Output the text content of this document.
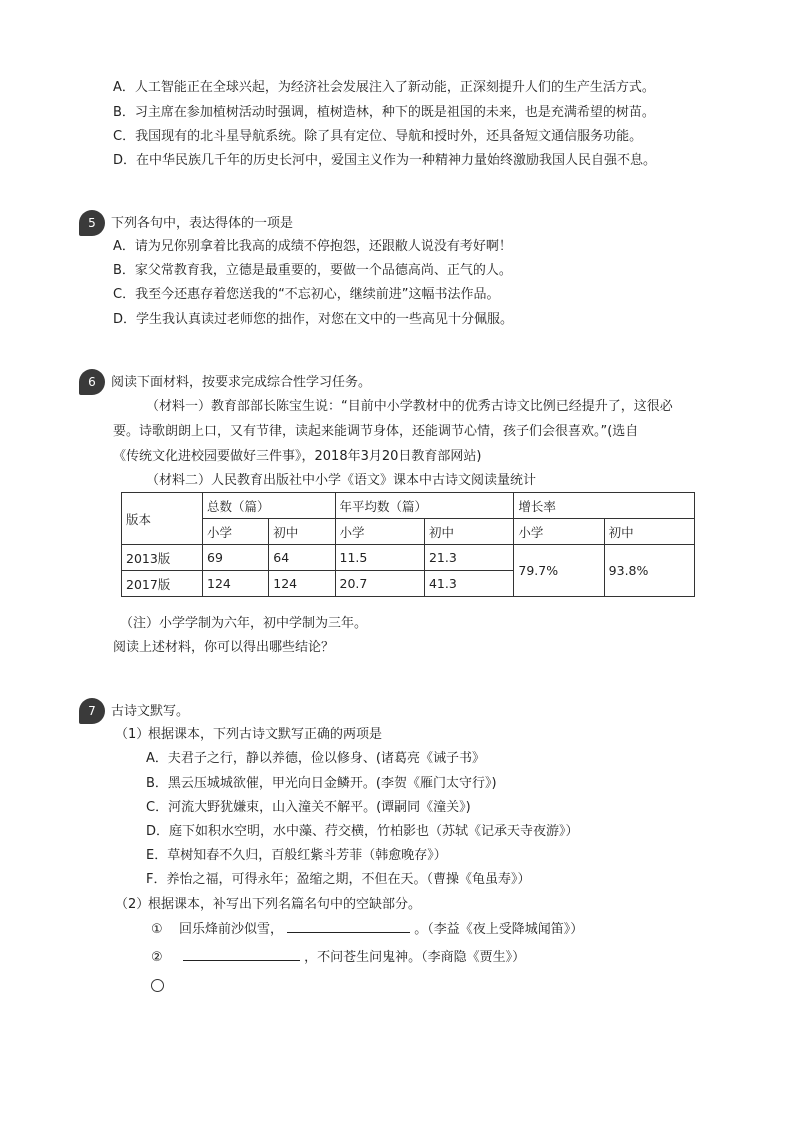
A．人工智能正在全球兴起，为经济社会发展注入了新动能，正深刻提升人们的生产生活方式。
B．习主席在参加植树活动时强调，植树造林，种下的既是祖国的未来，也是充满希望的树苗。
C．我国现有的北斗星导航系统。除了具有定位、导航和授时外，还具备短文通信服务功能。
D．在中华民族几千年的历史长河中，爱国主义作为一种精神力量始终激励我国人民自强不息。
5	下列各句中，表达得体的一项是
A．请为兄你别拿着比我高的成绩不停抱怨，还跟敝人说没有考好啊！
B．家父常教育我，立德是最重要的，要做一个品德高尚、正气的人。
C．我至今还惠存着您送我的“不忘初心，继续前进”这幅书法作品。
D．学生我认真读过老师您的拙作，对您在文中的一些高见十分佩服。
6	阅读下面材料，按要求完成综合性学习任务。
（材料一）教育部部长陈宝生说：“目前中小学教材中的优秀古诗文比例已经提升了，这很必
要。诗歌朗朗上口，又有节律，读起来能调节身体，还能调节心情，孩子们会很喜欢。”(选自
《传统文化进校园要做好三件事》，2018年3月20日教育部网站)
（材料二）人民教育出版社中小学《语文》课本中古诗文阅读量统计
版本	总数（篇）		年平均数（篇）		增长率	
	小学	初中	小学	初中	小学	初中
2013版	69	64	11.5	21.3	79.7%	93.8%
2017版	124	124	20.7	41.3		
（注）小学学制为六年，初中学制为三年。
阅读上述材料，你可以得出哪些结论？
7	古诗文默写。
（1）
根据课本，下列古诗文默写正确的两项是
A．夫君子之行，静以养德，俭以修身、(诸葛亮《诫子书》
B．黑云压城城欲催，甲光向日金鳞开。(李贺《雁门太守行》)
C．河流大野犹嫌束，山入潼关不解平。(谭嗣同《潼关》)
D．庭下如积水空明，水中藻、荇交横，竹柏影也（苏轼《记承天寺夜游》）
E．草树知春不久归，百般红紫斗芳菲（韩愈晚存》）
F．养怡之福，可得永年；盈缩之期，不但在天。（曹操《龟虽寿》）
（2）
根据课本，补写出下列名篇名句中的空缺部分。
① 回乐烽前沙似雪，	。（李益《夜上受降城闻笛》）
②	，不问苍生问鬼神。（李商隐《贾生》）
